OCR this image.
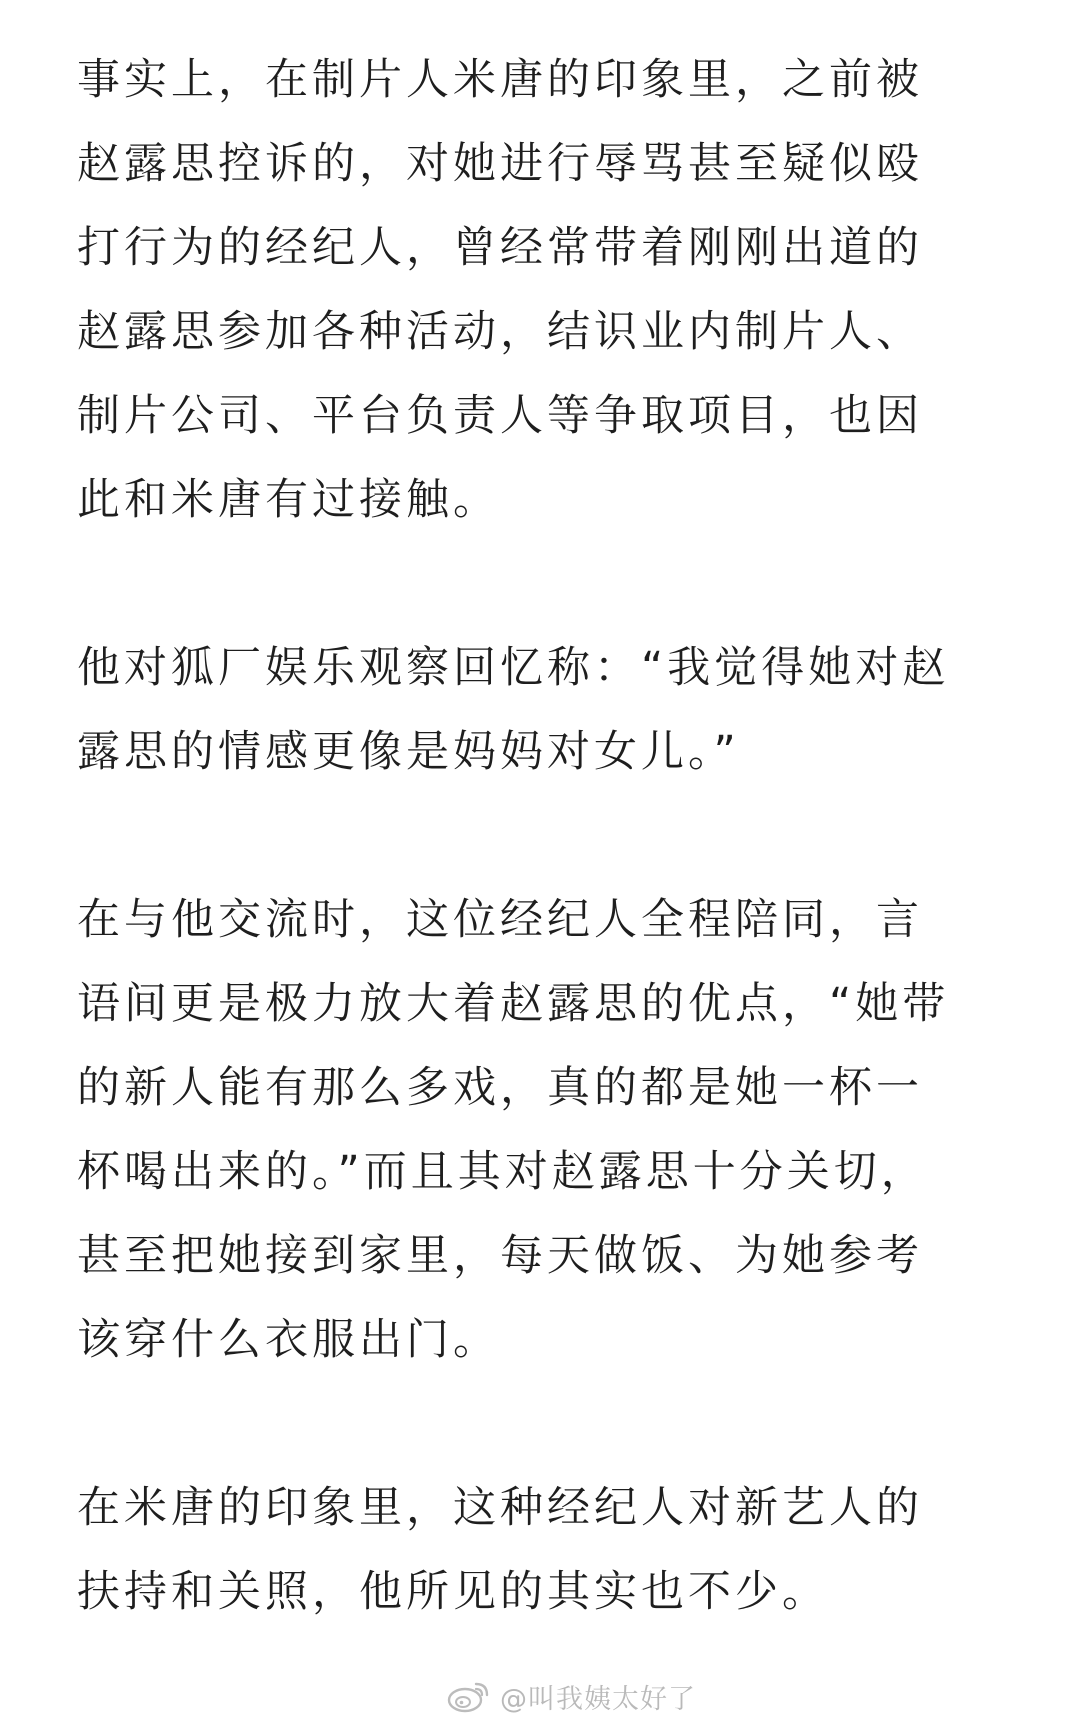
事实上，在制片人米唐的印象里，之前被
赵露思控诉的，对她进行辱骂甚至疑似殴
打行为的经纪人，曾经常带着刚刚出道的
赵露思参加各种活动，结识业内制片人、
制片公司、平台负责人等争取项目，也因
此和米唐有过接触。
他对狐厂娱乐观察回忆称：“我觉得她对赵
露思的情感更像是妈妈对女儿。”
在与他交流时，这位经纪人全程陪同，言
语间更是极力放大着赵露思的优点，“她带
的新人能有那么多戏，真的都是她一杯一
杯喝出来的。”而且其对赵露思十分关切，
甚至把她接到家里，每天做饭、为她参考
该穿什么衣服出门。
在米唐的印象里，这种经纪人对新艺人的
扶持和关照，他所见的其实也不少。
@叫我姨太好了
